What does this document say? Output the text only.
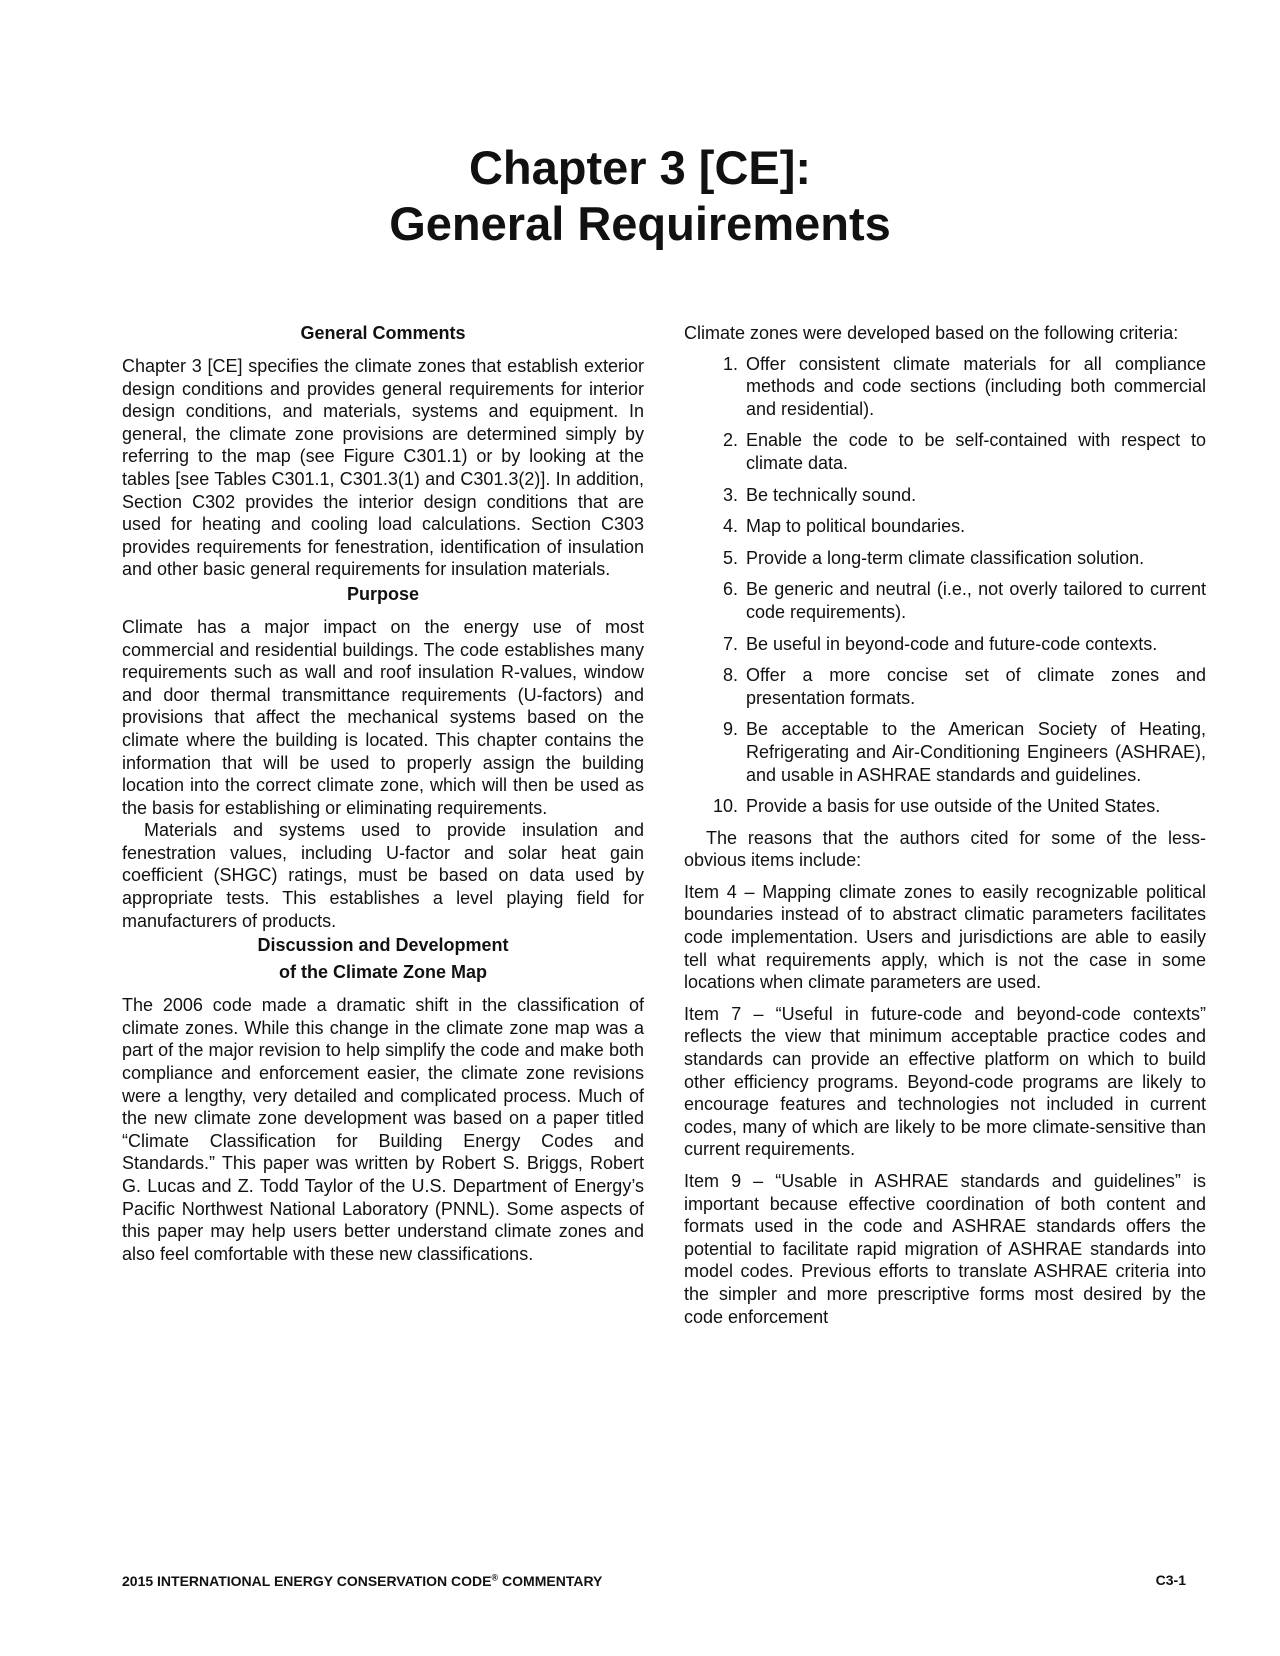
Chapter 3 [CE]:
General Requirements
General Comments

Chapter 3 [CE] specifies the climate zones that establish exterior design conditions and provides general requirements for interior design conditions, and materials, systems and equipment. In general, the climate zone provisions are determined simply by referring to the map (see Figure C301.1) or by looking at the tables [see Tables C301.1, C301.3(1) and C301.3(2)]. In addition, Section C302 provides the interior design conditions that are used for heating and cooling load calculations. Section C303 provides requirements for fenestration, identification of insulation and other basic general requirements for insulation materials.

Purpose

Climate has a major impact on the energy use of most commercial and residential buildings. The code establishes many requirements such as wall and roof insulation R-values, window and door thermal transmittance requirements (U-factors) and provisions that affect the mechanical systems based on the climate where the building is located. This chapter contains the information that will be used to properly assign the building location into the correct climate zone, which will then be used as the basis for establishing or eliminating requirements.

Materials and systems used to provide insulation and fenestration values, including U-factor and solar heat gain coefficient (SHGC) ratings, must be based on data used by appropriate tests. This establishes a level playing field for manufacturers of products.

Discussion and Development
of the Climate Zone Map

The 2006 code made a dramatic shift in the classification of climate zones. While this change in the climate zone map was a part of the major revision to help simplify the code and make both compliance and enforcement easier, the climate zone revisions were a lengthy, very detailed and complicated process. Much of the new climate zone development was based on a paper titled “Climate Classification for Building Energy Codes and Standards.” This paper was written by Robert S. Briggs, Robert G. Lucas and Z. Todd Taylor of the U.S. Department of Energy’s Pacific Northwest National Laboratory (PNNL). Some aspects of this paper may help users better understand climate zones and also feel comfortable with these new classifications.

Climate zones were developed based on the following criteria:

1. Offer consistent climate materials for all compliance methods and code sections (including both commercial and residential).
2. Enable the code to be self-contained with respect to climate data.
3. Be technically sound.
4. Map to political boundaries.
5. Provide a long-term climate classification solution.
6. Be generic and neutral (i.e., not overly tailored to current code requirements).
7. Be useful in beyond-code and future-code contexts.
8. Offer a more concise set of climate zones and presentation formats.
9. Be acceptable to the American Society of Heating, Refrigerating and Air-Conditioning Engineers (ASHRAE), and usable in ASHRAE standards and guidelines.
10. Provide a basis for use outside of the United States.

The reasons that the authors cited for some of the less-obvious items include:

Item 4 – Mapping climate zones to easily recognizable political boundaries instead of to abstract climatic parameters facilitates code implementation. Users and jurisdictions are able to easily tell what requirements apply, which is not the case in some locations when climate parameters are used.

Item 7 – “Useful in future-code and beyond-code contexts” reflects the view that minimum acceptable practice codes and standards can provide an effective platform on which to build other efficiency programs. Beyond-code programs are likely to encourage features and technologies not included in current codes, many of which are likely to be more climate-sensitive than current requirements.

Item 9 – “Usable in ASHRAE standards and guidelines” is important because effective coordination of both content and formats used in the code and ASHRAE standards offers the potential to facilitate rapid migration of ASHRAE standards into model codes. Previous efforts to translate ASHRAE criteria into the simpler and more prescriptive forms most desired by the code enforcement

2015 INTERNATIONAL ENERGY CONSERVATION CODE® COMMENTARY	C3-1
